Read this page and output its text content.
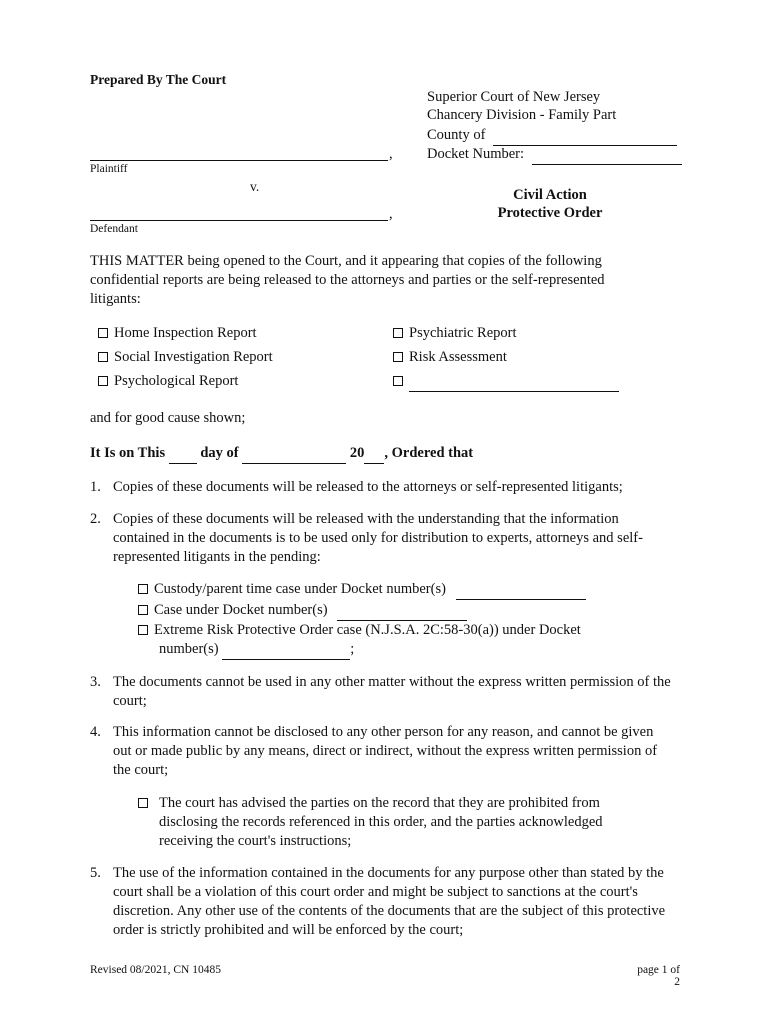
Prepared By The Court
Superior Court of New Jersey
Chancery Division - Family Part
County of
Docket Number:
,
Plaintiff
v.
Civil Action
Protective Order
,
Defendant
THIS MATTER being opened to the Court, and it appearing that copies of the following confidential reports are being released to the attorneys and parties or the self-represented litigants:
Home Inspection Report
Social Investigation Report
Psychological Report
Psychiatric Report
Risk Assessment

and for good cause shown;
It Is on This day of	20 , Ordered that
1. Copies of these documents will be released to the attorneys or self-represented litigants;
2. Copies of these documents will be released with the understanding that the information contained in the documents is to be used only for distribution to experts, attorneys and self-represented litigants in the pending:
Custody/parent time case under Docket number(s)
Case under Docket number(s)
Extreme Risk Protective Order case (N.J.S.A. 2C:58-30(a)) under Docket
number(s)	;
3. The documents cannot be used in any other matter without the express written permission of the court;
4. This information cannot be disclosed to any other person for any reason, and cannot be given out or made public by any means, direct or indirect, without the express written permission of the court;
The court has advised the parties on the record that they are prohibited from disclosing the records referenced in this order, and the parties acknowledged receiving the court's instructions;
5. The use of the information contained in the documents for any purpose other than stated by the court shall be a violation of this court order and might be subject to sanctions at the court's discretion. Any other use of the contents of the documents that are the subject of this protective order is strictly prohibited and will be enforced by the court;
Revised 08/2021, CN 10485	page 1 of 2
